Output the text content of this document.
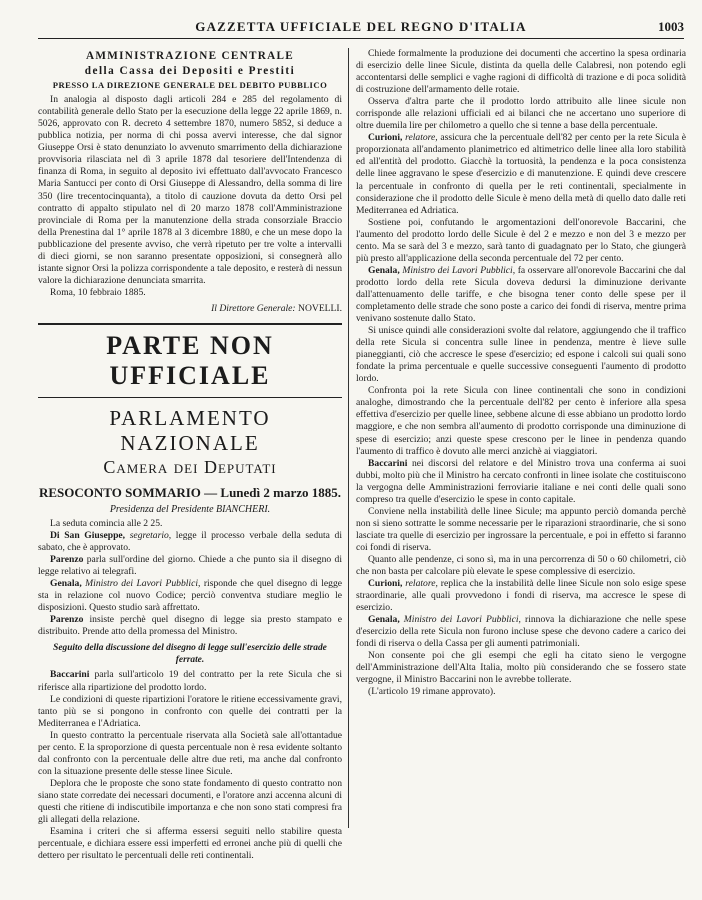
GAZZETTA UFFICIALE DEL REGNO D'ITALIA	1003

AMMINISTRAZIONE CENTRALE

della Cassa dei Depositi e Prestiti

PRESSO LA DIREZIONE GENERALE DEL DEBITO PUBBLICO

In analogia al disposto dagli articoli 284 e 285 del regolamento di contabilità generale dello Stato per la esecuzione della legge 22 aprile 1869, n. 5026, approvato con R. decreto 4 settembre 1870, numero 5852, si deduce a pubblica notizia, per norma di chi possa avervi interesse, che dal signor Giuseppe Orsi è stato denunziato lo avvenuto smarrimento della dichiarazione provvisoria rilasciata nel dì 3 aprile 1878 dal tesoriere dell'Intendenza di finanza di Roma, in seguito al deposito ivi effettuato dall'avvocato Francesco Maria Santucci per conto di Orsi Giuseppe di Alessandro, della somma di lire 350 (lire trecentocinquanta), a titolo di cauzione dovuta da detto Orsi pel contratto di appalto stipulato nel dì 20 marzo 1878 coll'Amministrazione provinciale di Roma per la manutenzione della strada consorziale Braccio della Prenestina dal 1° aprile 1878 al 3 dicembre 1880, e che un mese dopo la pubblicazione del presente avviso, che verrà ripetuto per tre volte a intervalli di dieci giorni, se non saranno presentate opposizioni, si consegnerà allo istante signor Orsi la polizza corrispondente a tale deposito, e resterà di nessun valore la dichiarazione denunciata smarrita.

Roma, 10 febbraio 1885.

Il Direttore Generale: NOVELLI.
PARTE NON UFFICIALE
PARLAMENTO NAZIONALE
Camera dei Deputati
RESOCONTO SOMMARIO — Lunedì 2 marzo 1885.
Presidenza del Presidente BIANCHERI.

La seduta comincia alle 2 25.

Di San Giuseppe, segretario, legge il processo verbale della seduta di sabato, che è approvato.

Parenzo parla sull'ordine del giorno. Chiede a che punto sia il disegno di legge relativo ai telegrafi.

Genala, Ministro dei Lavori Pubblici, risponde che quel disegno di legge sta in relazione col nuovo Codice; perciò conventva studiare meglio le disposizioni. Questo studio sarà affrettato.

Parenzo insiste perchè quel disegno di legge sia presto stampato e distribuito. Prende atto della promessa del Ministro.

Seguito della discussione del disegno di legge sull'esercizio delle strade ferrate.

Baccarini parla sull'articolo 19 del contratto per la rete Sicula che si riferisce alla ripartizione del prodotto lordo.

Le condizioni di queste ripartizioni l'oratore le ritiene eccessivamente gravi, tanto più se si pongono in confronto con quelle dei contratti per la Mediterranea e l'Adriatica.

In questo contratto la percentuale riservata alla Società sale all'ottantadue per cento. E la sproporzione di questa percentuale non è resa evidente soltanto dal confronto con la percentuale delle altre due reti, ma anche dal confronto con la situazione presente delle stesse linee Sicule.

Deplora che le proposte che sono state fondamento di questo contratto non siano state corredate dei necessari documenti, e l'oratore anzi accenna alcuni di questi che ritiene di indiscutibile importanza e che non sono stati compresi fra gli allegati della relazione.

Esamina i criteri che si afferma essersi seguiti nello stabilire questa percentuale, e dichiara essere essi imperfetti ed erronei anche più di quelli che dettero per risultato le percentuali delle reti continentali.

Chiede formalmente la produzione dei documenti che accertino la spesa ordinaria di esercizio delle linee Sicule, distinta da quella delle Calabresi, non potendo egli accontentarsi delle semplici e vaghe ragioni di difficoltà di trazione e di poca solidità di costruzione dell'armamento delle rotaie.

Osserva d'altra parte che il prodotto lordo attribuito alle linee sicule non corrisponde alle relazioni ufficiali ed ai bilanci che ne accertano uno superiore di oltre duemila lire per chilometro a quello che si tenne a base della percentuale.

Curioni, relatore, assicura che la percentuale dell'82 per cento per la rete Sicula è proporzionata all'andamento planimetrico ed altimetrico delle linee alla loro stabilità ed all'entità del prodotto. Giacchè la tortuosità, la pendenza e la poca consistenza delle linee aggravano le spese d'esercizio e di manutenzione. E quindi deve crescere la percentuale in confronto di quella per le reti continentali, specialmente in considerazione che il prodotto delle Sicule è meno della metà di quello dato dalle reti Mediterranea ed Adriatica.

Sostiene poi, confutando le argomentazioni dell'onorevole Baccarini, che l'aumento del prodotto lordo delle Sicule è del 2 e mezzo e non del 3 e mezzo per cento. Ma se sarà del 3 e mezzo, sarà tanto di guadagnato per lo Stato, che giungerà più presto all'applicazione della seconda percentuale del 72 per cento.

Genala, Ministro dei Lavori Pubblici, fa osservare all'onorevole Baccarini che dal prodotto lordo della rete Sicula doveva dedursi la diminuzione derivante dall'attenuamento delle tariffe, e che bisogna tener conto delle spese per il completamento delle strade che sono poste a carico dei fondi di riserva, mentre prima venivano sostenute dallo Stato.

Si unisce quindi alle considerazioni svolte dal relatore, aggiungendo che il traffico della rete Sicula si concentra sulle linee in pendenza, mentre è lieve sulle pianeggianti, ciò che accresce le spese d'esercizio; ed espone i calcoli sui quali sono fondate la prima percentuale e quelle successive conseguenti l'aumento di prodotto lordo.

Confronta poi la rete Sicula con linee continentali che sono in condizioni analoghe, dimostrando che la percentuale dell'82 per cento è inferiore alla spesa effettiva d'esercizio per quelle linee, sebbene alcune di esse abbiano un prodotto lordo maggiore, e che non sembra all'aumento di prodotto corrisponde una diminuzione di spese di esercizio; anzi queste spese crescono per le linee in pendenza quando l'aumento di traffico è dovuto alle merci anzichè ai viaggiatori.

Baccarini nei discorsi del relatore e del Ministro trova una conferma ai suoi dubbi, molto più che il Ministro ha cercato confronti in linee isolate che costituiscono la vergogna delle Amministrazioni ferroviarie italiane e nei conti delle quali sono compreso tra quelle d'esercizio le spese in conto capitale.

Conviene nella instabilità delle linee Sicule; ma appunto perciò domanda perchè non si sieno sottratte le somme necessarie per le riparazioni straordinarie, che si sono lasciate tra quelle di esercizio per ingrossare la percentuale, e poi in effetto si faranno coi fondi di riserva.

Quanto alle pendenze, ci sono sì, ma in una percorrenza di 50 o 60 chilometri, ciò che non basta per calcolare più elevate le spese complessive di esercizio.

Curioni, relatore, replica che la instabilità delle linee Sicule non solo esige spese straordinarie, alle quali provvedono i fondi di riserva, ma accresce le spese di esercizio.

Genala, Ministro dei Lavori Pubblici, rinnova la dichiarazione che nelle spese d'esercizio della rete Sicula non furono incluse spese che devono cadere a carico dei fondi di riserva o della Cassa per gli aumenti patrimoniali.

Non consente poi che gli esempi che egli ha citato sieno le vergogne dell'Amministrazione dell'Alta Italia, molto più considerando che se fossero state vergogne, il Ministro Baccarini non le avrebbe tollerate.

(L'articolo 19 rimane approvato).
